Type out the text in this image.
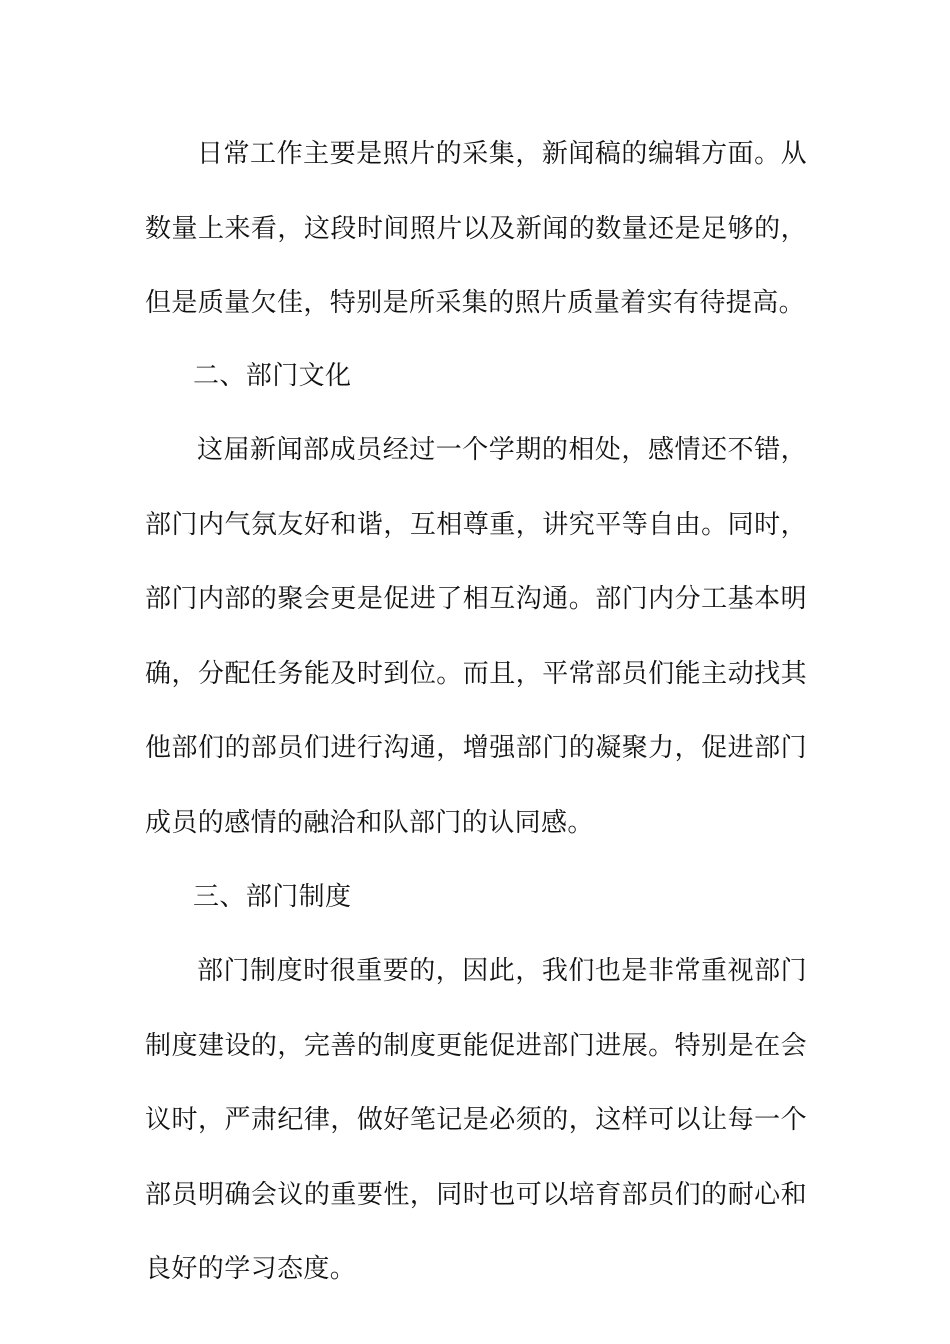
日常工作主要是照片的采集，新闻稿的编辑方面。从数量上来看，这段时间照片以及新闻的数量还是足够的，但是质量欠佳，特别是所采集的照片质量着实有待提高。

二、部门文化

这届新闻部成员经过一个学期的相处，感情还不错，部门内气氛友好和谐，互相尊重，讲究平等自由。同时，部门内部的聚会更是促进了相互沟通。部门内分工基本明确，分配任务能及时到位。而且，平常部员们能主动找其他部们的部员们进行沟通，增强部门的凝聚力，促进部门成员的感情的融洽和队部门的认同感。

三、部门制度

部门制度时很重要的，因此，我们也是非常重视部门制度建设的，完善的制度更能促进部门进展。特别是在会议时，严肃纪律，做好笔记是必须的，这样可以让每一个部员明确会议的重要性，同时也可以培育部员们的耐心和良好的学习态度。
